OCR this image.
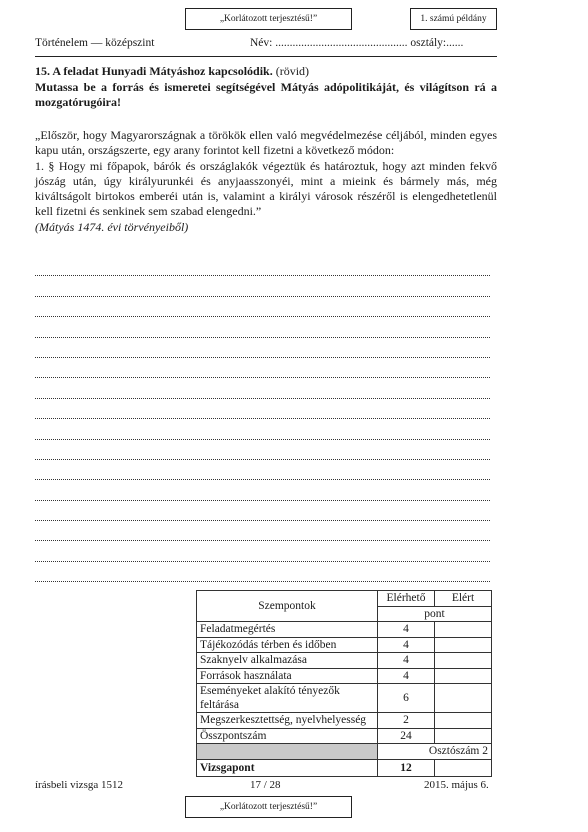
„Korlátozott terjesztésű!”	1. számú példány
Történelem — középszint	Név: .............................................. osztály:......
15. A feladat Hunyadi Mátyáshoz kapcsolódik. (rövid)
Mutassa be a forrás és ismeretei segítségével Mátyás adópolitikáját, és világítson rá a mozgatórugóira!

„Először, hogy Magyarországnak a törökök ellen való megvédelmezése céljából, minden egyes kapu után, országszerte, egy arany forintot kell fizetni a következő módon:

1. § Hogy mi főpapok, bárók és országlakók végeztük és határoztuk, hogy azt minden fekvő jószág után, úgy királyurunkéi és anyjaasszonyéi, mint a mieink és bármely más, még kiváltságolt birtokos emberéi után is, valamint a királyi városok részéről is elengedhetetlenül kell fizetni és senkinek sem szabad elengedni.”

(Mátyás 1474. évi törvényeiből)

Szempontok	Elérhető	Elért
	pont	
Feladatmegértés	4	
Tájékozódás térben és időben	4	
Szaknyelv alkalmazása	4	
Források használata	4	
Eseményeket alakító tényezők feltárása	6	
Megszerkesztettség, nyelvhelyesség	2	
Összpontszám	24	
	Osztószám 2	
Vizsgapont	12	
írásbeli vizsga 1512	17 / 28	2015. május 6.
„Korlátozott terjesztésű!”
